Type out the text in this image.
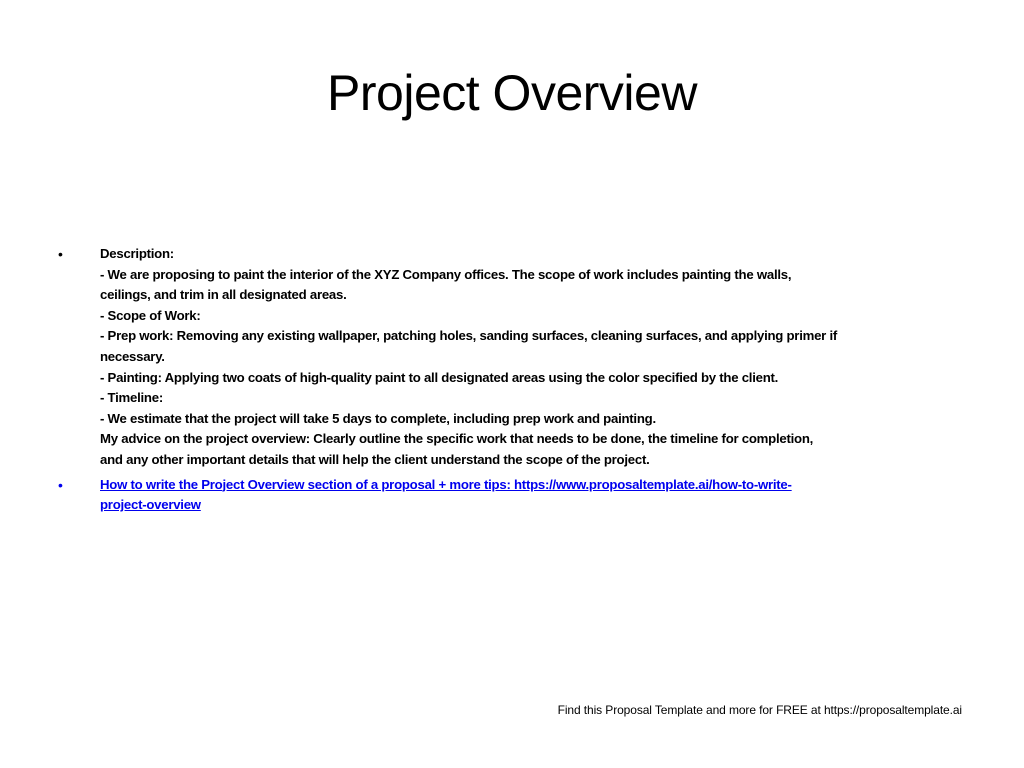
Project Overview
•	Description:
- We are proposing to paint the interior of the XYZ Company offices. The scope of work includes painting the walls,
ceilings, and trim in all designated areas.
- Scope of Work:
- Prep work: Removing any existing wallpaper, patching holes, sanding surfaces, cleaning surfaces, and applying primer if
necessary.
- Painting: Applying two coats of high-quality paint to all designated areas using the color specified by the client.
- Timeline:
- We estimate that the project will take 5 days to complete, including prep work and painting.
My advice on the project overview: Clearly outline the specific work that needs to be done, the timeline for completion,
and any other important details that will help the client understand the scope of the project.
•	How to write the Project Overview section of a proposal + more tips: https://www.proposaltemplate.ai/how-to-write-
project-overview
Find this Proposal Template and more for FREE at https://proposaltemplate.ai
